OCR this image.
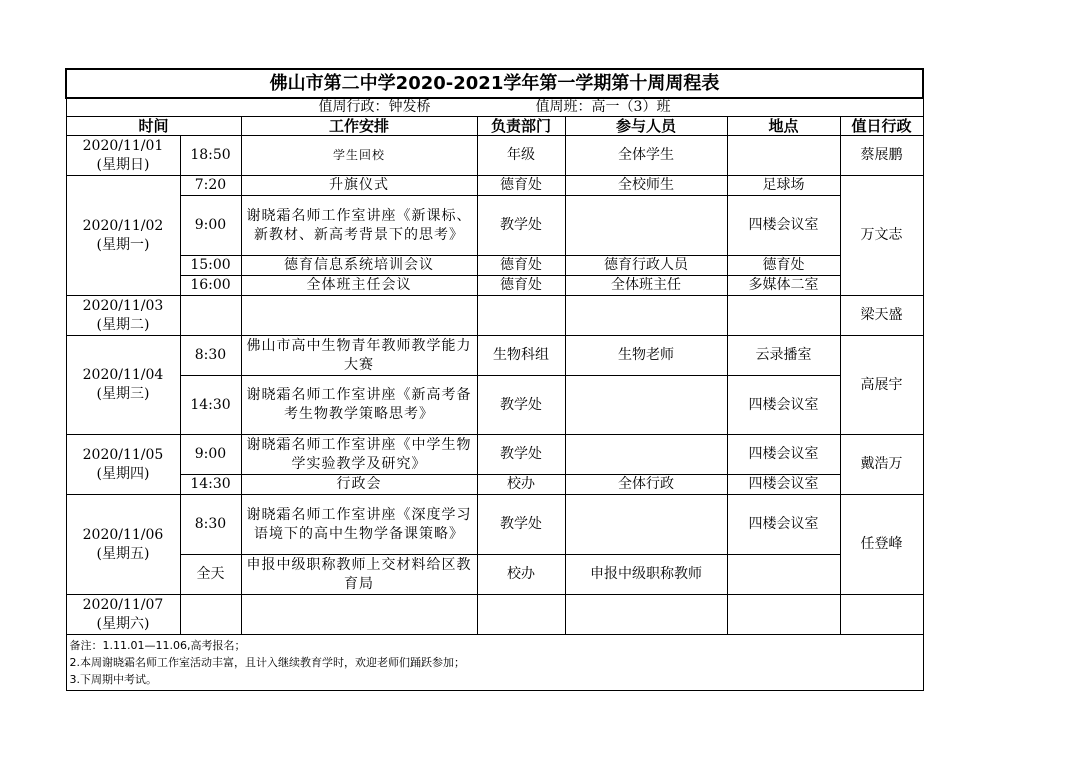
佛山市第二中学2020-2021学年第一学期第十周周程表						
值周行政：钟发桥 值周班：高一（3）班						
时间		工作安排	负责部门	参与人员	地点	值日行政
2020/11/01
(星期日)	18:50	学生回校	年级	全体学生		蔡展鹏
2020/11/02
(星期一)	7:20	升旗仪式	德育处	全校师生	足球场	万文志
	9:00	谢晓霜名师工作室讲座《新课标、新教材、新高考背景下的思考》	教学处		四楼会议室	
	15:00	德育信息系统培训会议	德育处	德育行政人员	德育处	
	16:00	全体班主任会议	德育处	全体班主任	多媒体二室	
2020/11/03
(星期二)						梁天盛
2020/11/04
(星期三)	8:30	佛山市高中生物青年教师教学能力大赛	生物科组	生物老师	云录播室	高展宇
	14:30	谢晓霜名师工作室讲座《新高考备考生物教学策略思考》	教学处		四楼会议室	
2020/11/05
(星期四)	9:00	谢晓霜名师工作室讲座《中学生物学实验教学及研究》	教学处		四楼会议室	戴浩万
	14:30	行政会	校办	全体行政	四楼会议室	
2020/11/06
(星期五)	8:30	谢晓霜名师工作室讲座《深度学习语境下的高中生物学备课策略》	教学处		四楼会议室	任登峰
	全天	申报中级职称教师上交材料给区教育局	校办	申报中级职称教师		
2020/11/07
(星期六)						

备注：1.11.01—11.06,高考报名；
2.本周谢晓霜名师工作室活动丰富，且计入继续教育学时，欢迎老师们踊跃参加；
3.下周期中考试。						
